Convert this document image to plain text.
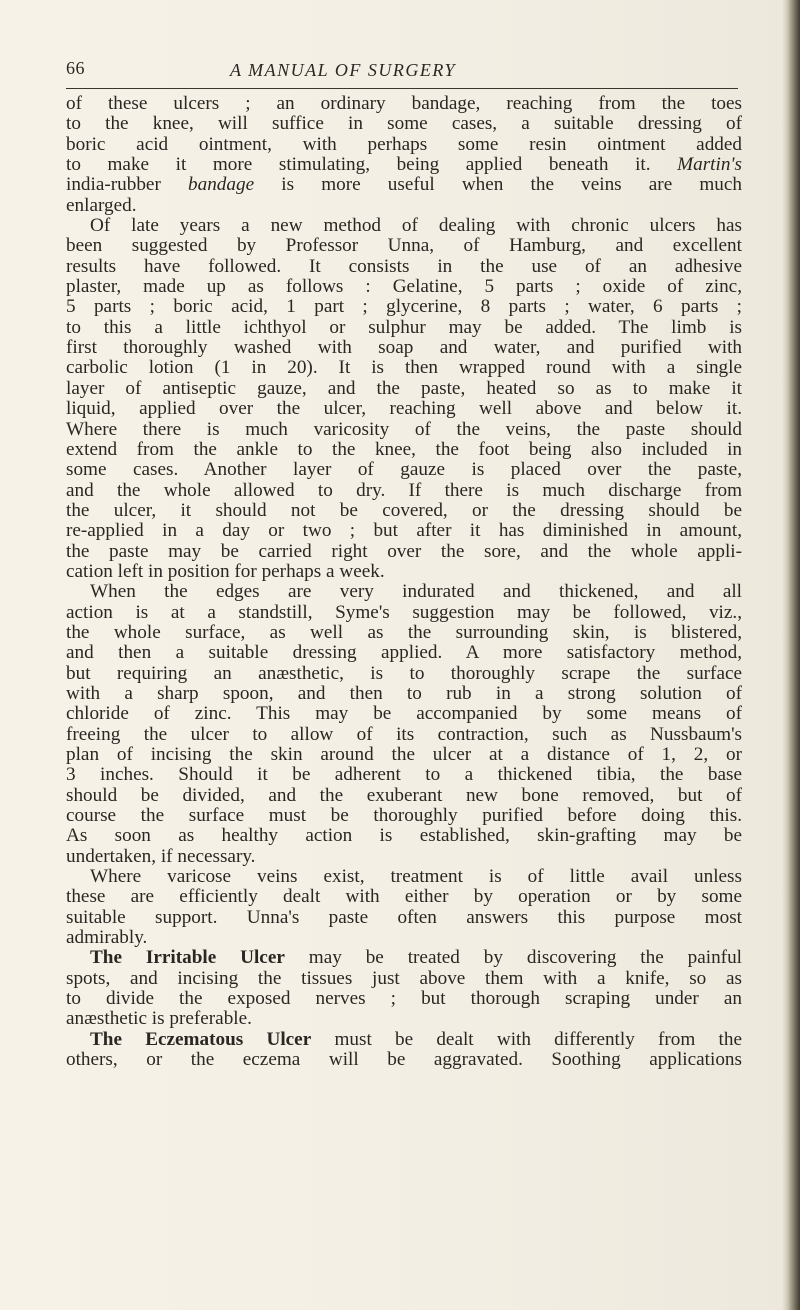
66	A MANUAL OF SURGERY
of these ulcers ; an ordinary bandage, reaching from the toes
to the knee, will suffice in some cases, a suitable dressing of
boric acid ointment, with perhaps some resin ointment added
to make it more stimulating, being applied beneath it. Martin's
india-rubber bandage is more useful when the veins are much
enlarged.
Of late years a new method of dealing with chronic ulcers has
been suggested by Professor Unna, of Hamburg, and excellent
results have followed. It consists in the use of an adhesive
plaster, made up as follows : Gelatine, 5 parts ; oxide of zinc,
5 parts ; boric acid, 1 part ; glycerine, 8 parts ; water, 6 parts ;
to this a little ichthyol or sulphur may be added. The limb is
first thoroughly washed with soap and water, and purified with
carbolic lotion (1 in 20). It is then wrapped round with a single
layer of antiseptic gauze, and the paste, heated so as to make it
liquid, applied over the ulcer, reaching well above and below it.
Where there is much varicosity of the veins, the paste should
extend from the ankle to the knee, the foot being also included in
some cases. Another layer of gauze is placed over the paste,
and the whole allowed to dry. If there is much discharge from
the ulcer, it should not be covered, or the dressing should be
re-applied in a day or two ; but after it has diminished in amount,
the paste may be carried right over the sore, and the whole appli-
cation left in position for perhaps a week.
When the edges are very indurated and thickened, and all
action is at a standstill, Syme's suggestion may be followed, viz.,
the whole surface, as well as the surrounding skin, is blistered,
and then a suitable dressing applied. A more satisfactory method,
but requiring an anæsthetic, is to thoroughly scrape the surface
with a sharp spoon, and then to rub in a strong solution of
chloride of zinc. This may be accompanied by some means of
freeing the ulcer to allow of its contraction, such as Nussbaum's
plan of incising the skin around the ulcer at a distance of 1, 2, or
3 inches. Should it be adherent to a thickened tibia, the base
should be divided, and the exuberant new bone removed, but of
course the surface must be thoroughly purified before doing this.
As soon as healthy action is established, skin-grafting may be
undertaken, if necessary.
Where varicose veins exist, treatment is of little avail unless
these are efficiently dealt with either by operation or by some
suitable support. Unna's paste often answers this purpose most
admirably.
The Irritable Ulcer may be treated by discovering the painful
spots, and incising the tissues just above them with a knife, so as
to divide the exposed nerves ; but thorough scraping under an
anæsthetic is preferable.
The Eczematous Ulcer must be dealt with differently from the
others, or the eczema will be aggravated. Soothing applications
